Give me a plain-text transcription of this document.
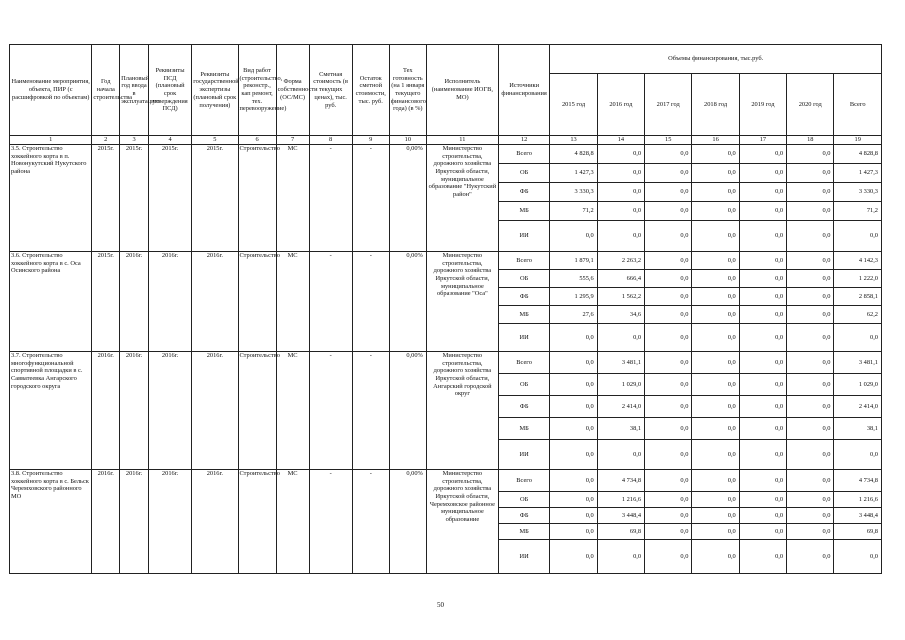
Наименование мероприятия, объекта, ПИР (с расшифровкой по объектам)	Год начала строительства	Плановый год ввода в эксплуатацию	Реквизиты ПСД (плановый срок утверждения ПСД)	Реквизиты государственной экспертизы (плановый срок получения)	Вид работ (строительство, реконстр., кап ремонт, тех. перевооружение)	Форма собственности (ОС/МС)	Сметная стоимость (в текущих ценах), тыс. руб.	Остаток сметной стоимости, тыс. руб.	Тех готовность (на 1 января текущего финансового года) (в %)	Исполнитель (наименование ИОГВ, МО)	Источники финансирования	Объемы финансирования, тыс.руб.						
												2015 год	2016 год	2017 год	2018 год	2019 год	2020 год	Всего
1	2	3	4	5	6	7	8	9	10	11	12	13	14	15	16	17	18	19
3.5. Строительство хоккейного корта в п. Новонукутский Нукутского района	2015г.	2015г.	2015г.	2015г.	Строительство	МС	-	-	0,00%	Министерство строительства, дорожного хозяйства Иркутской области, муниципальное образование "Нукутский район"	Всего	4 828,8	0,0	0,0	0,0	0,0	0,0	4 828,8
											ОБ	1 427,3	0,0	0,0	0,0	0,0	0,0	1 427,3
											ФБ	3 330,3	0,0	0,0	0,0	0,0	0,0	3 330,3
											МБ	71,2	0,0	0,0	0,0	0,0	0,0	71,2
											ИИ	0,0	0,0	0,0	0,0	0,0	0,0	0,0
3.6. Строительство хоккейного корта в с. Оса Осинского района	2015г.	2016г.	2016г.	2016г.	Строительство	МС	-	-	0,00%	Министерство строительства, дорожного хозяйства Иркутской области, муниципальное образование "Оса"	Всего	1 879,1	2 263,2	0,0	0,0	0,0	0,0	4 142,3
											ОБ	555,6	666,4	0,0	0,0	0,0	0,0	1 222,0
											ФБ	1 295,9	1 562,2	0,0	0,0	0,0	0,0	2 858,1
											МБ	27,6	34,6	0,0	0,0	0,0	0,0	62,2
											ИИ	0,0	0,0	0,0	0,0	0,0	0,0	0,0
3.7. Строительство многофункциональной спортивной площадки в с. Савватеевка Ангарского городского округа	2016г.	2016г.	2016г.	2016г.	Строительство	МС	-	-	0,00%	Министерство строительства, дорожного хозяйства Иркутской области, Ангарский городской округ	Всего	0,0	3 481,1	0,0	0,0	0,0	0,0	3 481,1
											ОБ	0,0	1 029,0	0,0	0,0	0,0	0,0	1 029,0
											ФБ	0,0	2 414,0	0,0	0,0	0,0	0,0	2 414,0
											МБ	0,0	38,1	0,0	0,0	0,0	0,0	38,1
											ИИ	0,0	0,0	0,0	0,0	0,0	0,0	0,0
3.8. Строительство хоккейного корта в с. Бельск Черемховского районного МО	2016г.	2016г.	2016г.	2016г.	Строительство	МС	-	-	0,00%	Министерство строительства, дорожного хозяйства Иркутской области, Черемховское районное муниципальное образование	Всего	0,0	4 734,8	0,0	0,0	0,0	0,0	4 734,8
											ОБ	0,0	1 216,6	0,0	0,0	0,0	0,0	1 216,6
											ФБ	0,0	3 448,4	0,0	0,0	0,0	0,0	3 448,4
											МБ	0,0	69,8	0,0	0,0	0,0	0,0	69,8
											ИИ	0,0	0,0	0,0	0,0	0,0	0,0	0,0
50
